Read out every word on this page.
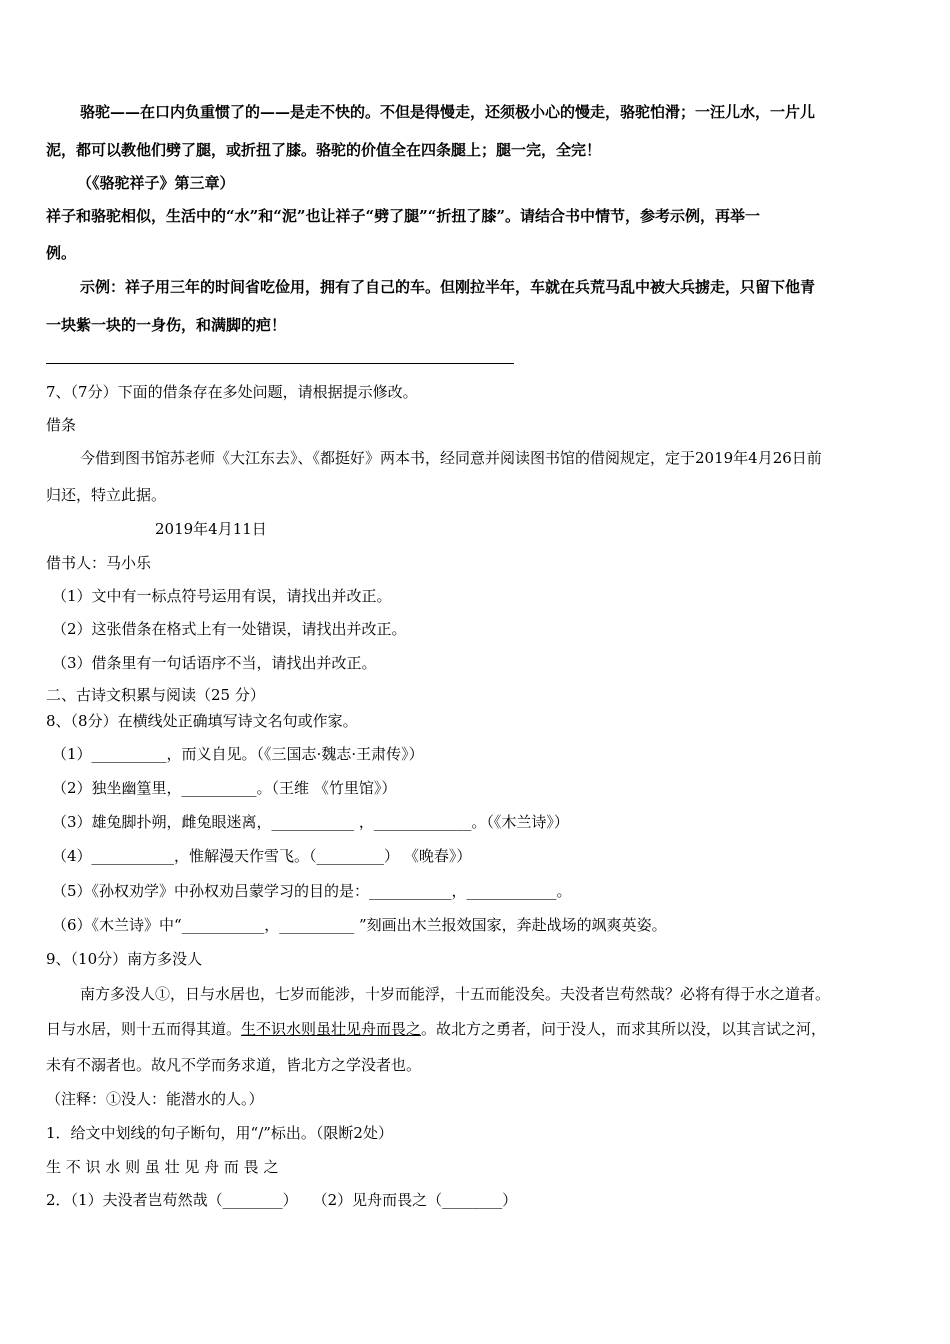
骆驼——在口内负重惯了的——是走不快的。不但是得慢走，还须极小心的慢走，骆驼怕滑；一汪儿水，一片儿
泥，都可以教他们劈了腿，或折扭了膝。骆驼的价值全在四条腿上；腿一完，全完！
（《骆驼祥子》第三章）
祥子和骆驼相似，生活中的“水”和“泥”也让祥子“劈了腿”“折扭了膝”。请结合书中情节，参考示例，再举一
例。
示例：祥子用三年的时间省吃俭用，拥有了自己的车。但刚拉半年，车就在兵荒马乱中被大兵掳走，只留下他青
一块紫一块的一身伤，和满脚的疤！
7、（7分）下面的借条存在多处问题，请根据提示修改。
借条
今借到图书馆苏老师《大江东去》、《都挺好》两本书，经同意并阅读图书馆的借阅规定，定于2019年4月26日前
归还，特立此据。
2019年4月11日
借书人：马小乐
（1）文中有一标点符号运用有误，请找出并改正。
（2）这张借条在格式上有一处错误，请找出并改正。
（3）借条里有一句话语序不当，请找出并改正。
二、古诗文积累与阅读（25 分）
8、（8分）在横线处正确填写诗文名句或作家。
（1）__________，而义自见。（《三国志·魏志·王肃传》）
（2）独坐幽篁里，__________。（王维 《竹里馆》）
（3）雄兔脚扑朔，雌兔眼迷离，___________ ，_____________。（《木兰诗》）
（4）___________，惟解漫天作雪飞。（_________） 《晚春》）
（5）《孙权劝学》中孙权劝吕蒙学习的目的是：___________，____________。
（6）《木兰诗》中“___________，__________ ”刻画出木兰报效国家，奔赴战场的飒爽英姿。
9、（10分）南方多没人
南方多没人①，日与水居也，七岁而能涉，十岁而能浮，十五而能没矣。夫没者岂苟然哉？必将有得于水之道者。
日与水居，则十五而得其道。生不识水则虽壮见舟而畏之。故北方之勇者，问于没人，而求其所以没，以其言试之河，
未有不溺者也。故凡不学而务求道，皆北方之学没者也。
（注释：①没人：能潜水的人。）
1．给文中划线的句子断句，用“/”标出。（限断2处）
生 不 识 水 则 虽 壮 见 舟 而 畏 之
2．（1）夫没者岂苟然哉（________）　　（2）见舟而畏之（________）
